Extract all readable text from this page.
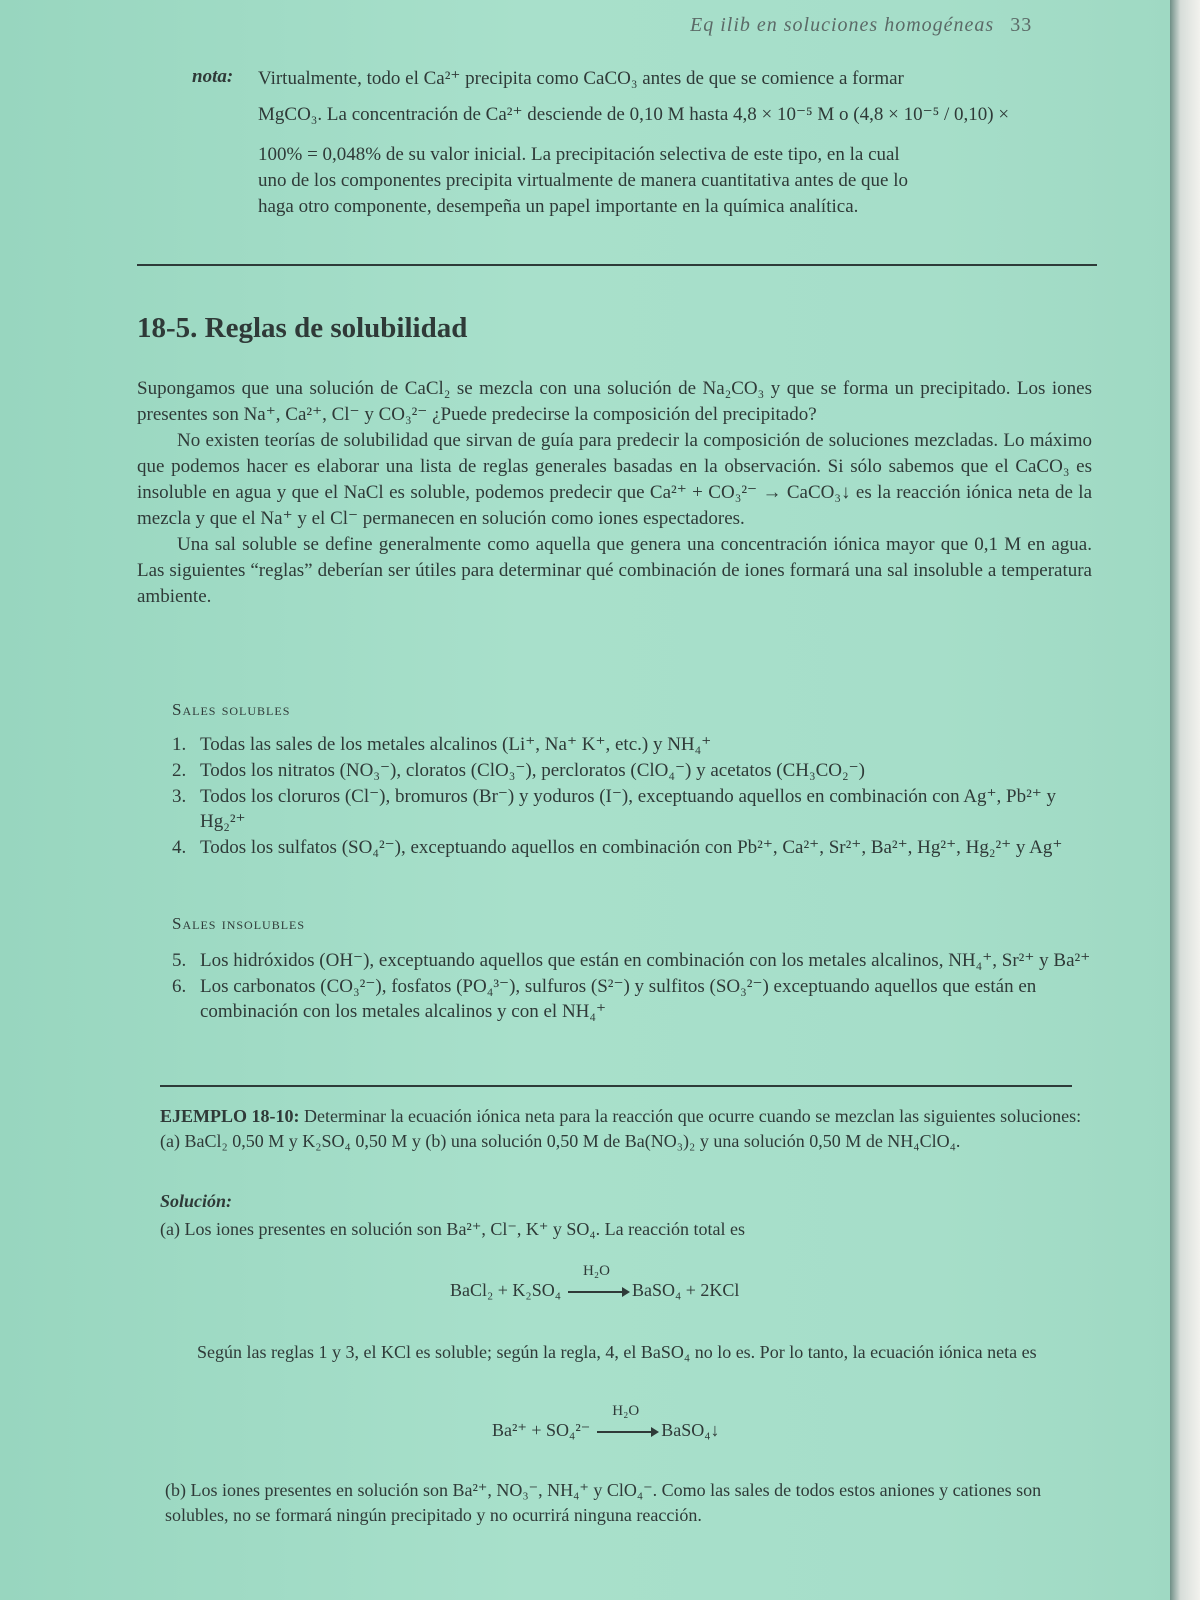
Eq ilib en soluciones homogéneas 33
nota: Virtualmente, todo el Ca²⁺ precipita como CaCO₃ antes de que se comience a formar

MgCO₃. La concentración de Ca²⁺ desciende de 0,10 M hasta 4,8 × 10⁻⁵ M o (4,8 × 10⁻⁵ / 0,10) ×

100% = 0,048% de su valor inicial. La precipitación selectiva de este tipo, en la cual

uno de los componentes precipita virtualmente de manera cuantitativa antes de que lo

haga otro componente, desempeña un papel importante en la química analítica.

18-5. Reglas de solubilidad

Supongamos que una solución de CaCl₂ se mezcla con una solución de Na₂CO₃ y que se forma un precipitado. Los iones presentes son Na⁺, Ca²⁺, Cl⁻ y CO₃²⁻ ¿Puede predecirse la composición del precipitado?

No existen teorías de solubilidad que sirvan de guía para predecir la composición de soluciones mezcladas. Lo máximo que podemos hacer es elaborar una lista de reglas generales basadas en la observación. Si sólo sabemos que el CaCO₃ es insoluble en agua y que el NaCl es soluble, podemos predecir que Ca²⁺ + CO₃²⁻ → CaCO₃↓ es la reacción iónica neta de la mezcla y que el Na⁺ y el Cl⁻ permanecen en solución como iones espectadores.

Una sal soluble se define generalmente como aquella que genera una concentración iónica mayor que 0,1 M en agua. Las siguientes “reglas” deberían ser útiles para determinar qué combinación de iones formará una sal insoluble a temperatura ambiente.

Sales solubles
1. Todas las sales de los metales alcalinos (Li⁺, Na⁺ K⁺, etc.) y NH₄⁺
2. Todos los nitratos (NO₃⁻), cloratos (ClO₃⁻), percloratos (ClO₄⁻) y acetatos (CH₃CO₂⁻)
3. Todos los cloruros (Cl⁻), bromuros (Br⁻) y yoduros (I⁻), exceptuando aquellos en combinación con Ag⁺, Pb²⁺ y Hg₂²⁺
4. Todos los sulfatos (SO₄²⁻), exceptuando aquellos en combinación con Pb²⁺, Ca²⁺, Sr²⁺, Ba²⁺, Hg²⁺, Hg₂²⁺ y Ag⁺
Sales insolubles
5. Los hidróxidos (OH⁻), exceptuando aquellos que están en combinación con los metales alcalinos, NH₄⁺, Sr²⁺ y Ba²⁺
6. Los carbonatos (CO₃²⁻), fosfatos (PO₄³⁻), sulfuros (S²⁻) y sulfitos (SO₃²⁻) exceptuando aquellos que están en combinación con los metales alcalinos y con el NH₄⁺
EJEMPLO 18-10: Determinar la ecuación iónica neta para la reacción que ocurre cuando se mezclan las siguientes soluciones: (a) BaCl₂ 0,50 M y K₂SO₄ 0,50 M y (b) una solución 0,50 M de Ba(NO₃)₂ y una solución 0,50 M de NH₄ClO₄.
Solución:
(a) Los iones presentes en solución son Ba²⁺, Cl⁻, K⁺ y SO₄. La reacción total es
BaCl₂ + K₂SO₄
H₂O
BaSO₄ + 2KCl
Según las reglas 1 y 3, el KCl es soluble; según la regla, 4, el BaSO₄ no lo es. Por lo tanto, la ecuación iónica neta es
Ba²⁺ + SO₄²⁻
H₂O
BaSO₄↓
(b) Los iones presentes en solución son Ba²⁺, NO₃⁻, NH₄⁺ y ClO₄⁻. Como las sales de todos estos aniones y cationes son solubles, no se formará ningún precipitado y no ocurrirá ninguna reacción.
